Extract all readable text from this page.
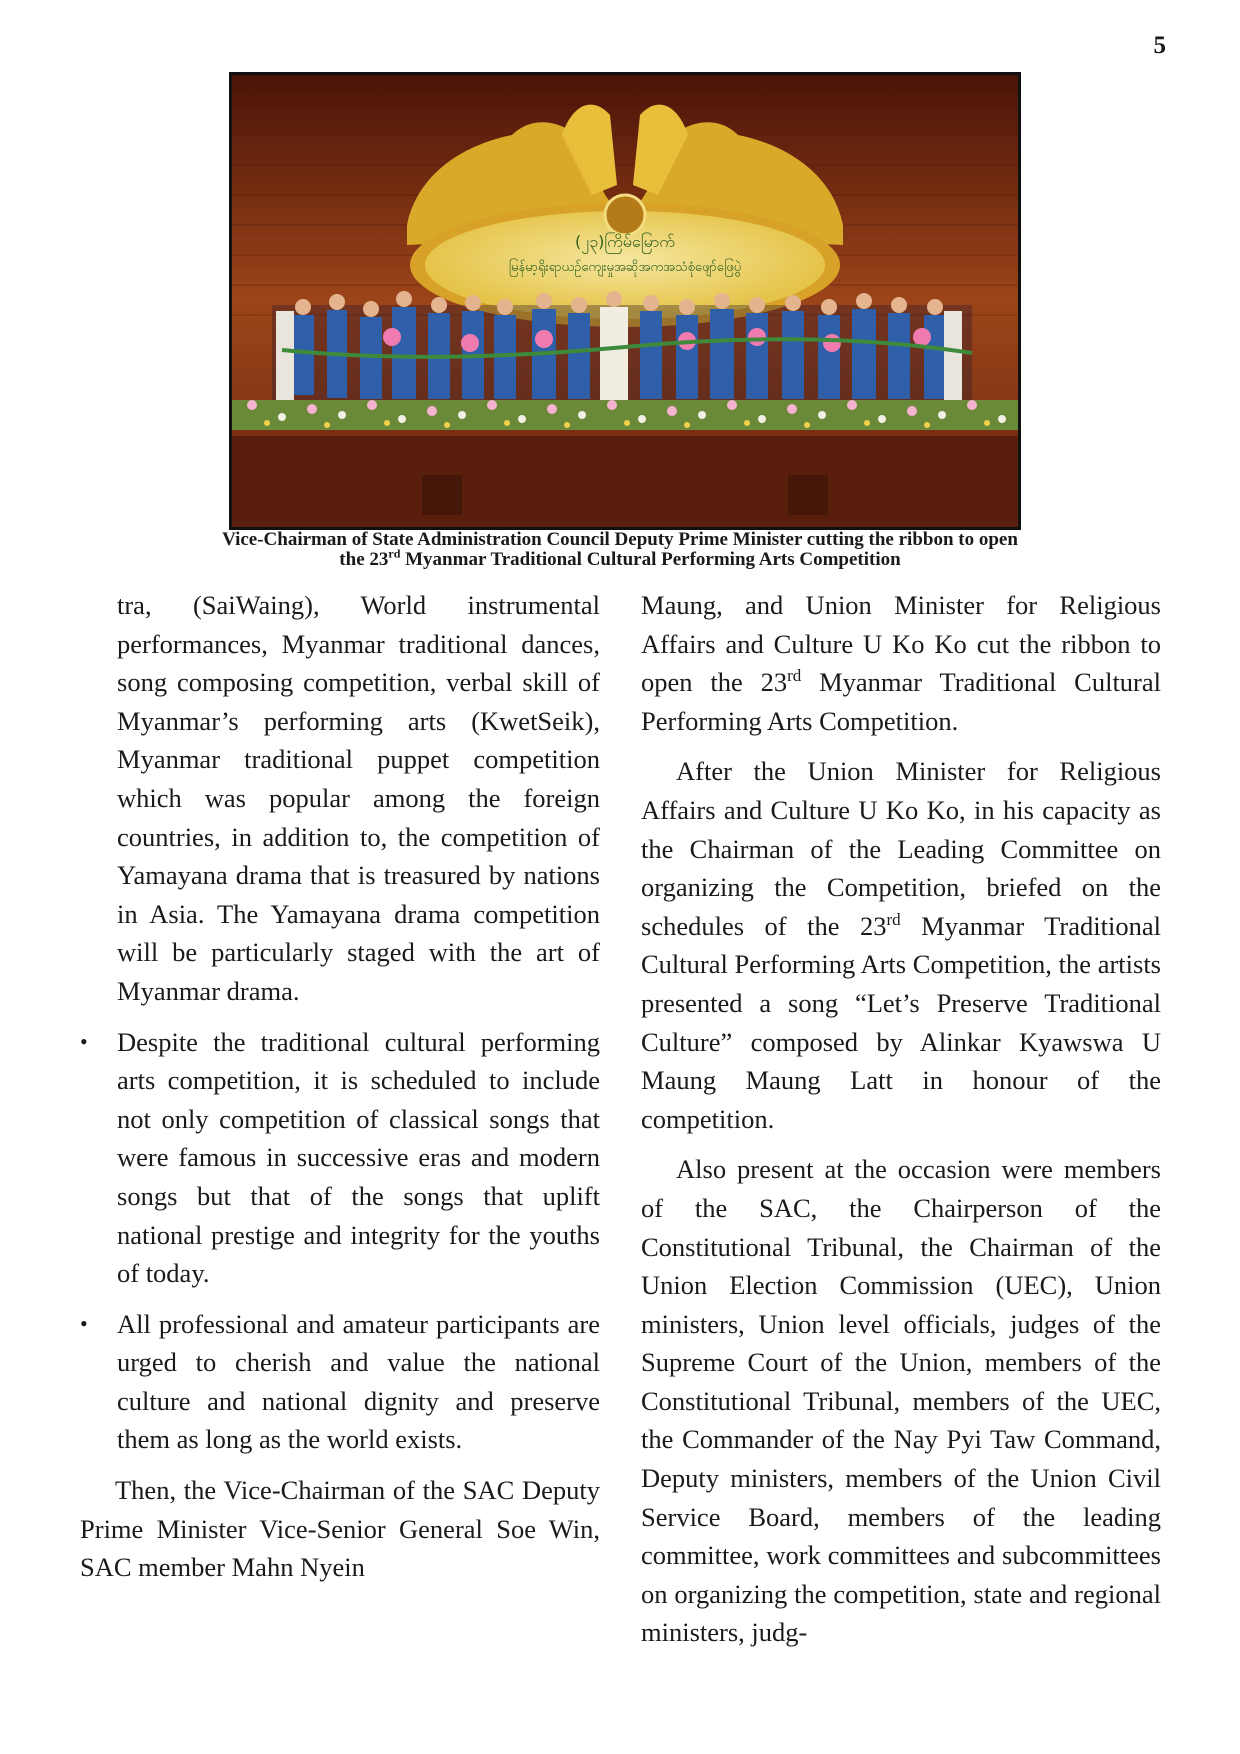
5
(၂၃)ကြိမ်မြောက်
မြန်မာ့ရိုးရာယဉ်ကျေးမှုအဆိုအကအသံစုံဖျော်ဖြေပွဲ
Vice-Chairman of State Administration Council Deputy Prime Minister cutting the ribbon to open
the 23rd Myanmar Traditional Cultural Performing Arts Competition

tra, (SaiWaing), World instrumental performances, Myanmar traditional dances, song composing competition, verbal skill of Myanmar’s performing arts (KwetSeik), Myanmar traditional puppet competition which was popular among the foreign countries, in addition to, the competition of Yamayana drama that is treasured by nations in Asia. The Yamayana drama competition will be particularly staged with the art of Myanmar drama.

• Despite the traditional cultural performing arts competition, it is scheduled to include not only competition of classical songs that were famous in successive eras and modern songs but that of the songs that uplift national prestige and integrity for the youths of today.
• All professional and amateur participants are urged to cherish and value the national culture and national dignity and preserve them as long as the world exists.

Then, the Vice-Chairman of the SAC Deputy Prime Minister Vice-Senior General Soe Win, SAC member Mahn Nyein

Maung, and Union Minister for Religious Affairs and Culture U Ko Ko cut the ribbon to open the 23rd Myanmar Traditional Cultural Performing Arts Competition.

After the Union Minister for Religious Affairs and Culture U Ko Ko, in his capacity as the Chairman of the Leading Committee on organizing the Competition, briefed on the schedules of the 23rd Myanmar Traditional Cultural Performing Arts Competition, the artists presented a song “Let’s Preserve Traditional Culture” composed by Alinkar Kyawswa U Maung Maung Latt in honour of the competition.

Also present at the occasion were members of the SAC, the Chairperson of the Constitutional Tribunal, the Chairman of the Union Election Commission (UEC), Union ministers, Union level officials, judges of the Supreme Court of the Union, members of the Constitutional Tribunal, members of the UEC, the Commander of the Nay Pyi Taw Command, Deputy ministers, members of the Union Civil Service Board, members of the leading committee, work committees and subcommittees on organizing the competition, state and regional ministers, judg-
